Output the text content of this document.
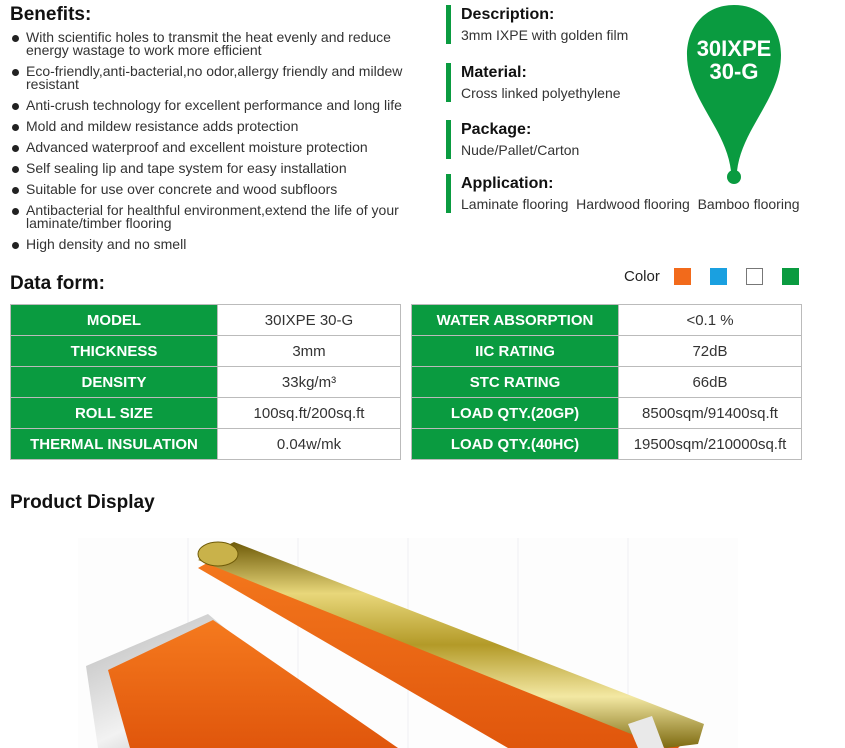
Benefits:
With scientific holes to transmit the heat evenly and reduce energy wastage to work more efficient
Eco-friendly,anti-bacterial,no odor,allergy friendly and mildew resistant
Anti-crush technology for excellent performance and long life
Mold and mildew resistance adds protection
Advanced waterproof and excellent moisture protection
Self sealing lip and tape system for easy installation
Suitable for use over concrete and wood subfloors
Antibacterial for healthful environment,extend the life of your laminate/timber flooring
High density and no smell
Description:
3mm IXPE with golden film
Material:
Cross linked polyethylene
Package:
Nude/Pallet/Carton
Application:
Laminate flooring  Hardwood flooring  Bamboo flooring
30IXPE
30-G
Data form:	Color
MODEL	30IXPE 30-G
THICKNESS	3mm
DENSITY	33kg/m³
ROLL SIZE	100sq.ft/200sq.ft
THERMAL INSULATION	0.04w/mk
WATER ABSORPTION	<0.1 %
IIC RATING	72dB
STC RATING	66dB
LOAD QTY.(20GP)	8500sqm/91400sq.ft
LOAD QTY.(40HC)	19500sqm/210000sq.ft
Product Display
